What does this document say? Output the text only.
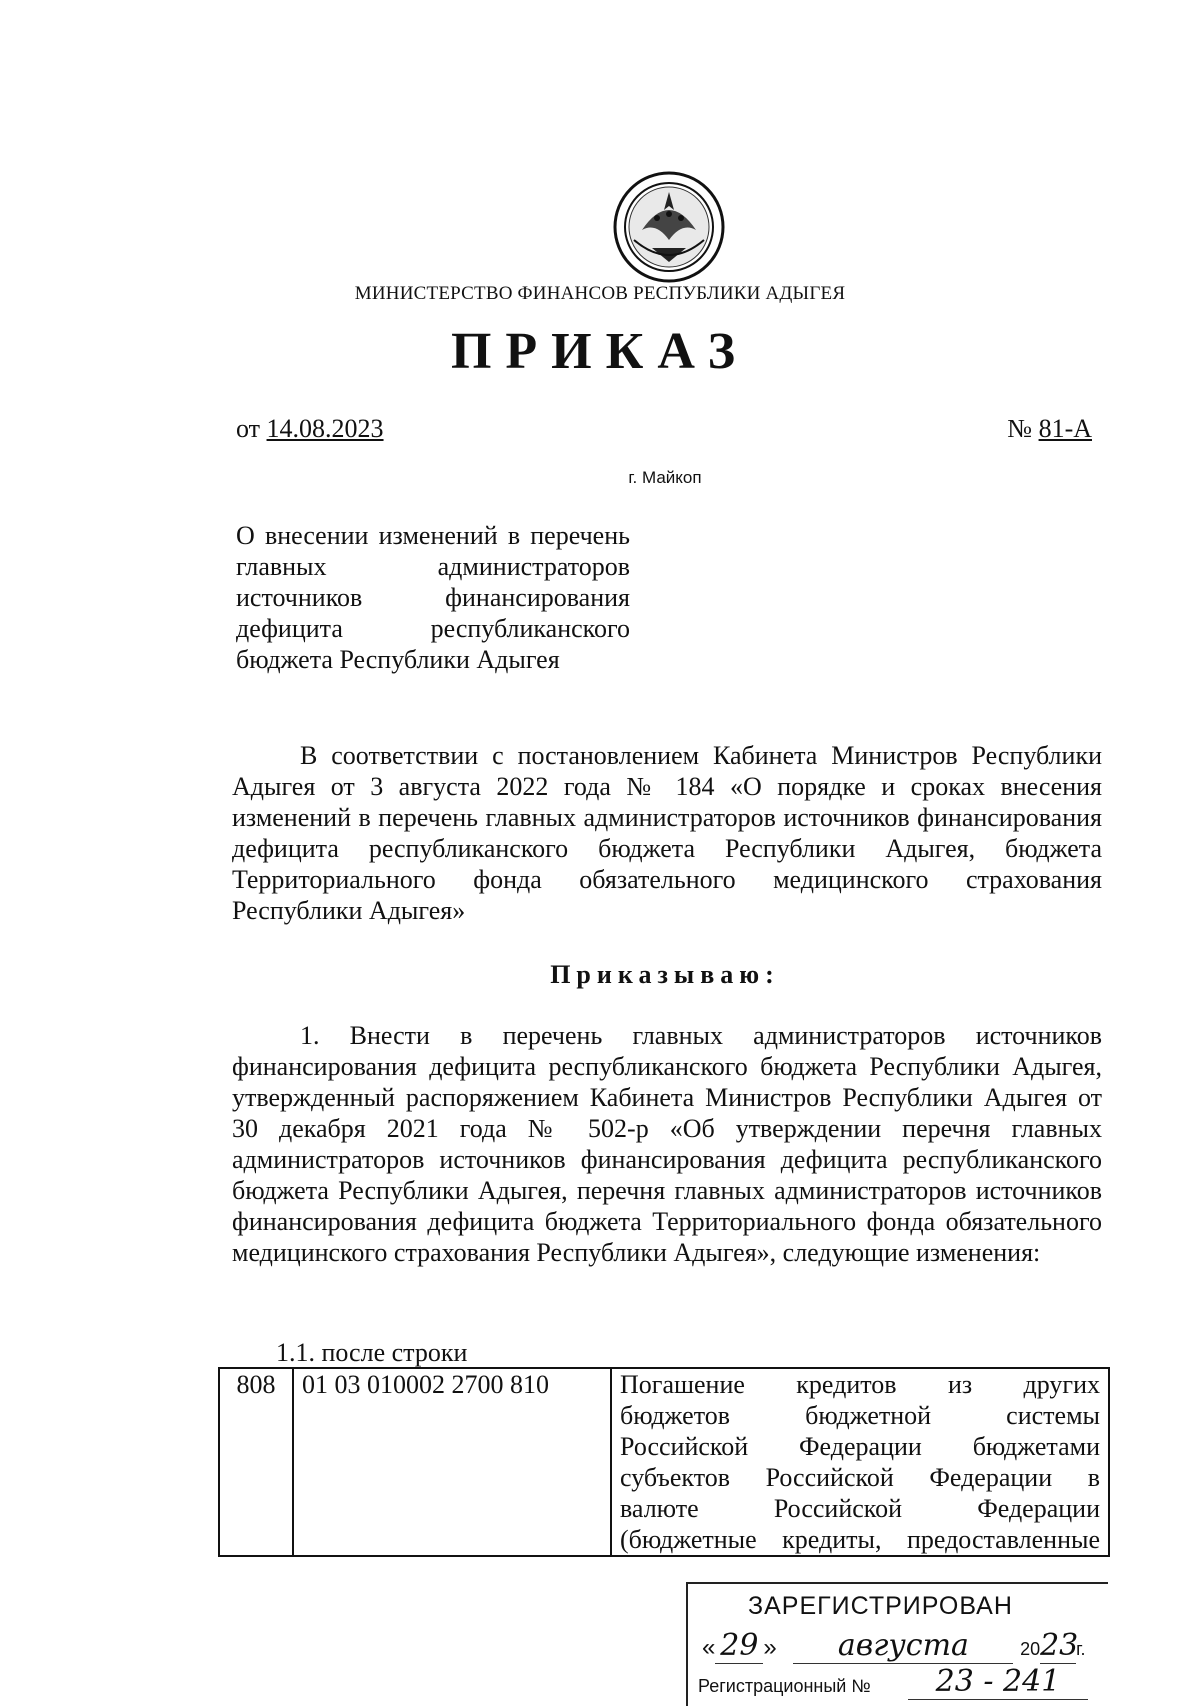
МИНИСТЕРСТВО ФИНАНСОВ РЕСПУБЛИКИ АДЫГЕЯ
ПРИКАЗ
от 14.08.2023	№ 81-А
г. Майкоп
О внесении изменений в перечень главных администраторов источников финансирования дефицита республиканского бюджета Республики Адыгея
В соответствии с постановлением Кабинета Министров Республики Адыгея от 3 августа 2022 года № 184 «О порядке и сроках внесения изменений в перечень главных администраторов источников финансирования дефицита республиканского бюджета Республики Адыгея, бюджета Территориального фонда обязательного медицинского страхования Республики Адыгея»
Приказываю:
1. Внести в перечень главных администраторов источников финансирования дефицита республиканского бюджета Республики Адыгея, утвержденный распоряжением Кабинета Министров Республики Адыгея от 30 декабря 2021 года № 502-р «Об утверждении перечня главных администраторов источников финансирования дефицита республиканского бюджета Республики Адыгея, перечня главных администраторов источников финансирования дефицита бюджета Территориального фонда обязательного медицинского страхования Республики Адыгея», следующие изменения:
1.1. после строки
808	01 03 010002 2700 810	Погашение кредитов из других
бюджетов бюджетной системы
Российской Федерации бюджетами
субъектов Российской Федерации в
валюте Российской Федерации
(бюджетные кредиты, предоставленные
ЗАРЕГИСТРИРОВАН
« 29 » августа	2023г.
Регистрационный №	23 - 241
